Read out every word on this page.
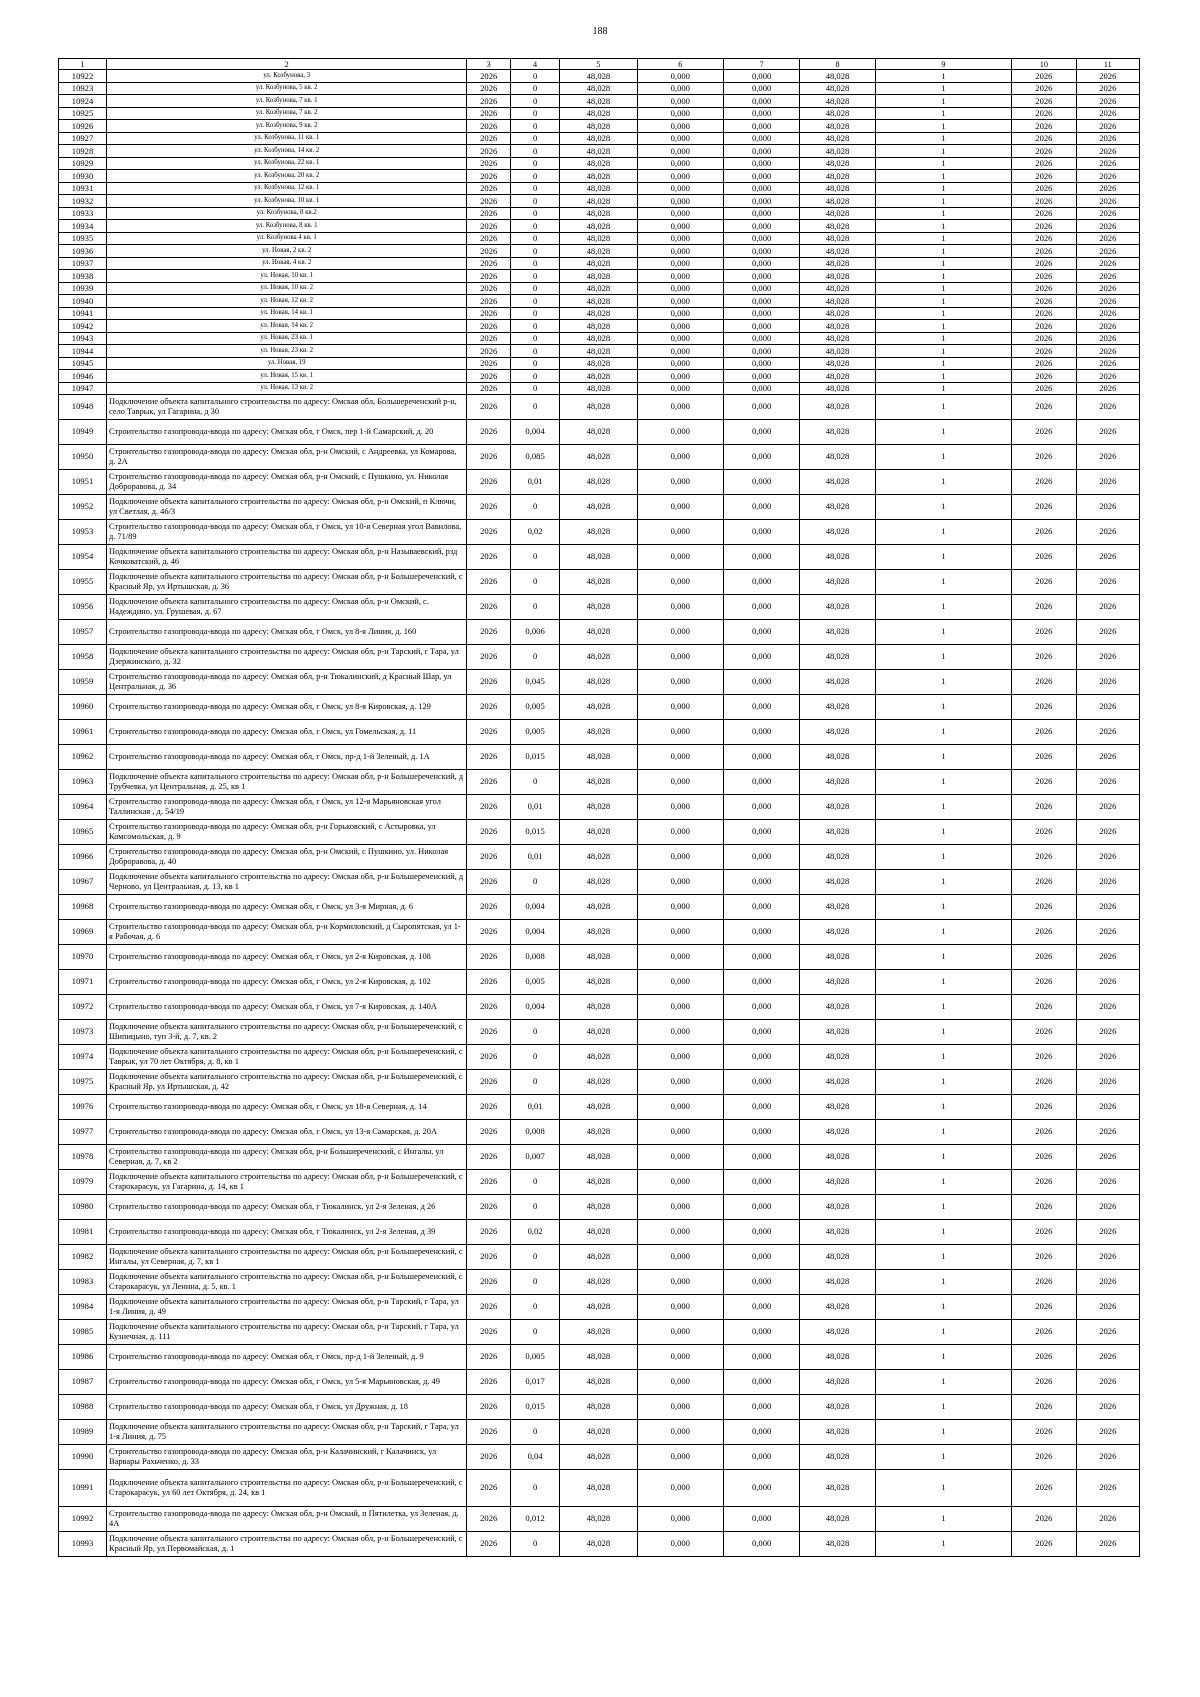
188
1	2	3	4	5	6	7	8	9	10	11
10922	ул. Козбунова, 3	2026	0	48,028	0,000	0,000	48,028	1	2026	2026
10923	ул. Козбунова, 5 кв. 2	2026	0	48,028	0,000	0,000	48,028	1	2026	2026
10924	ул. Козбунова, 7 кв. 1	2026	0	48,028	0,000	0,000	48,028	1	2026	2026
10925	ул. Козбунова, 7 кв. 2	2026	0	48,028	0,000	0,000	48,028	1	2026	2026
10926	ул. Козбунова, 9 кв. 2	2026	0	48,028	0,000	0,000	48,028	1	2026	2026
10927	ул. Козбунова, 11 кв. 1	2026	0	48,028	0,000	0,000	48,028	1	2026	2026
10928	ул. Козбунова, 14 кв. 2	2026	0	48,028	0,000	0,000	48,028	1	2026	2026
10929	ул. Козбунова, 22 кв. 1	2026	0	48,028	0,000	0,000	48,028	1	2026	2026
10930	ул. Козбунова, 20 кв. 2	2026	0	48,028	0,000	0,000	48,028	1	2026	2026
10931	ул. Козбунова, 12 кв. 1	2026	0	48,028	0,000	0,000	48,028	1	2026	2026
10932	ул. Козбунова, 10 кв. 1	2026	0	48,028	0,000	0,000	48,028	1	2026	2026
10933	ул. Козбунова, 8 кв.2	2026	0	48,028	0,000	0,000	48,028	1	2026	2026
10934	ул. Козбунова, 8 кв. 1	2026	0	48,028	0,000	0,000	48,028	1	2026	2026
10935	ул. Козбунова 4 кв. 1	2026	0	48,028	0,000	0,000	48,028	1	2026	2026
10936	ул. Новая, 2 кв. 2	2026	0	48,028	0,000	0,000	48,028	1	2026	2026
10937	ул. Новая, 4 кв. 2	2026	0	48,028	0,000	0,000	48,028	1	2026	2026
10938	ул. Новая, 10 кв. 1	2026	0	48,028	0,000	0,000	48,028	1	2026	2026
10939	ул. Новая, 10 кв. 2	2026	0	48,028	0,000	0,000	48,028	1	2026	2026
10940	ул. Новая, 12 кв. 2	2026	0	48,028	0,000	0,000	48,028	1	2026	2026
10941	ул. Новая, 14 кв. 1	2026	0	48,028	0,000	0,000	48,028	1	2026	2026
10942	ул. Новая, 14 кв. 2	2026	0	48,028	0,000	0,000	48,028	1	2026	2026
10943	ул. Новая, 23 кв. 1	2026	0	48,028	0,000	0,000	48,028	1	2026	2026
10944	ул. Новая, 23 кв. 2	2026	0	48,028	0,000	0,000	48,028	1	2026	2026
10945	ул. Новая, 19	2026	0	48,028	0,000	0,000	48,028	1	2026	2026
10946	ул. Новая, 15 кв. 1	2026	0	48,028	0,000	0,000	48,028	1	2026	2026
10947	ул. Новая, 13 кв. 2	2026	0	48,028	0,000	0,000	48,028	1	2026	2026
10948	Подключение объекта капитального строительства по адресу: Омская обл, Большереченский р-н, село Таврык, ул Гагарина, д 30	2026	0	48,028	0,000	0,000	48,028	1	2026	2026
10949	Строительство газопровода-ввода по адресу: Омская обл, г Омск, пер 1-й Самарский, д. 20	2026	0,004	48,028	0,000	0,000	48,028	1	2026	2026
10950	Строительство газопровода-ввода по адресу: Омская обл, р-н Омский, с Андреевка, ул Комарова, д. 2А	2026	0,085	48,028	0,000	0,000	48,028	1	2026	2026
10951	Строительство газопровода-ввода по адресу: Омская обл, р-н Омский, с Пушкино, ул. Николая Доброравова, д. 34	2026	0,01	48,028	0,000	0,000	48,028	1	2026	2026
10952	Подключение объекта капитального строительства по адресу: Омская обл, р-н Омский, п Ключи, ул Светлая, д. 46/3	2026	0	48,028	0,000	0,000	48,028	1	2026	2026
10953	Строительство газопровода-ввода по адресу: Омская обл, г Омск, ул 10-я Северная угол Вавилова, д. 71/89	2026	0,02	48,028	0,000	0,000	48,028	1	2026	2026
10954	Подключение объекта капитального строительства по адресу: Омская обл, р-н Называевский, рзд Кочковатский, д. 46	2026	0	48,028	0,000	0,000	48,028	1	2026	2026
10955	Подключение объекта капитального строительства по адресу: Омская обл, р-н Большереченский, с Красный Яр, ул Иртышская, д. 36	2026	0	48,028	0,000	0,000	48,028	1	2026	2026
10956	Подключение объекта капитального строительства по адресу: Омская обл, р-н Омский, с. Надеждино, ул. Грушевая, д. 67	2026	0	48,028	0,000	0,000	48,028	1	2026	2026
10957	Строительство газопровода-ввода по адресу: Омская обл, г Омск, ул 8-я Линия, д. 160	2026	0,006	48,028	0,000	0,000	48,028	1	2026	2026
10958	Подключение объекта капитального строительства по адресу: Омская обл, р-н Тарский, г Тара, ул Дзержинского, д. 32	2026	0	48,028	0,000	0,000	48,028	1	2026	2026
10959	Строительство газопровода-ввода по адресу: Омская обл, р-н Тюкалинский, д Красный Шар, ул Центральная, д. 36	2026	0,045	48,028	0,000	0,000	48,028	1	2026	2026
10960	Строительство газопровода-ввода по адресу: Омская обл, г Омск, ул 8-я Кировская, д. 129	2026	0,005	48,028	0,000	0,000	48,028	1	2026	2026
10961	Строительство газопровода-ввода по адресу: Омская обл, г Омск, ул Гомельская, д. 11	2026	0,005	48,028	0,000	0,000	48,028	1	2026	2026
10962	Строительство газопровода-ввода по адресу: Омская обл, г Омск, пр-д 1-й Зеленый, д. 1А	2026	0,015	48,028	0,000	0,000	48,028	1	2026	2026
10963	Подключение объекта капитального строительства по адресу: Омская обл, р-н Большереченский, д Трубчевка, ул Центральная, д. 25, кв 1	2026	0	48,028	0,000	0,000	48,028	1	2026	2026
10964	Строительство газопровода-ввода по адресу: Омская обл, г Омск, ул 12-я Марьяновская угол Таллинская , д. 54/19	2026	0,01	48,028	0,000	0,000	48,028	1	2026	2026
10965	Строительство газопровода-ввода по адресу: Омская обл, р-н Горьковский, с Астыровка, ул Комсомольская, д. 9	2026	0,015	48,028	0,000	0,000	48,028	1	2026	2026
10966	Строительство газопровода-ввода по адресу: Омская обл, р-н Омский, с Пушкино, ул. Николая Доброравова, д. 40	2026	0,01	48,028	0,000	0,000	48,028	1	2026	2026
10967	Подключение объекта капитального строительства по адресу: Омская обл, р-н Большереченский, д Черново, ул Центральная, д. 13, кв 1	2026	0	48,028	0,000	0,000	48,028	1	2026	2026
10968	Строительство газопровода-ввода по адресу: Омская обл, г Омск, ул 3-я Мирная, д. 6	2026	0,004	48,028	0,000	0,000	48,028	1	2026	2026
10969	Строительство газопровода-ввода по адресу: Омская обл, р-н Кормиловский, д Сыропятская, ул 1-я Рабочая, д. 6	2026	0,004	48,028	0,000	0,000	48,028	1	2026	2026
10970	Строительство газопровода-ввода по адресу: Омская обл, г Омск, ул 2-я Кировская, д. 108	2026	0,008	48,028	0,000	0,000	48,028	1	2026	2026
10971	Строительство газопровода-ввода по адресу: Омская обл, г Омск, ул 2-я Кировская, д. 102	2026	0,005	48,028	0,000	0,000	48,028	1	2026	2026
10972	Строительство газопровода-ввода по адресу: Омская обл, г Омск, ул 7-я Кировская, д. 140А	2026	0,004	48,028	0,000	0,000	48,028	1	2026	2026
10973	Подключение объекта капитального строительства по адресу: Омская обл, р-н Большереченский, с Шипицыно, туп 3-й, д. 7, кв. 2	2026	0	48,028	0,000	0,000	48,028	1	2026	2026
10974	Подключение объекта капитального строительства по адресу: Омская обл, р-н Большереченский, с Таврык, ул 70 лет Октября, д. 8, кв 1	2026	0	48,028	0,000	0,000	48,028	1	2026	2026
10975	Подключение объекта капитального строительства по адресу: Омская обл, р-н Большереченский, с Красный Яр, ул Иртышская, д. 42	2026	0	48,028	0,000	0,000	48,028	1	2026	2026
10976	Строительство газопровода-ввода по адресу: Омская обл, г Омск, ул 18-я Северная, д. 14	2026	0,01	48,028	0,000	0,000	48,028	1	2026	2026
10977	Строительство газопровода-ввода по адресу: Омская обл, г Омск, ул 13-я Самарская, д. 20А	2026	0,008	48,028	0,000	0,000	48,028	1	2026	2026
10978	Строительство газопровода-ввода по адресу: Омская обл, р-н Большереченский, с Ингалы, ул Северная, д. 7, кв 2	2026	0,007	48,028	0,000	0,000	48,028	1	2026	2026
10979	Подключение объекта капитального строительства по адресу: Омская обл, р-н Большереченский, с Старокарасук, ул Гагарина, д. 14, кв 1	2026	0	48,028	0,000	0,000	48,028	1	2026	2026
10980	Строительство газопровода-ввода по адресу: Омская обл, г Тюкалинск, ул 2-я Зеленая, д 26	2026	0	48,028	0,000	0,000	48,028	1	2026	2026
10981	Строительство газопровода-ввода по адресу: Омская обл, г Тюкалинск, ул 2-я Зеленая, д 39	2026	0,02	48,028	0,000	0,000	48,028	1	2026	2026
10982	Подключение объекта капитального строительства по адресу: Омская обл, р-н Большереченский, с Ингалы, ул Северная, д. 7, кв 1	2026	0	48,028	0,000	0,000	48,028	1	2026	2026
10983	Подключение объекта капитального строительства по адресу: Омская обл, р-н Большереченский, с Старокарасук, ул Ленина, д. 5, кв. 1	2026	0	48,028	0,000	0,000	48,028	1	2026	2026
10984	Подключение объекта капитального строительства по адресу: Омская обл, р-н Тарский, г Тара, ул 1-я Линия, д. 49	2026	0	48,028	0,000	0,000	48,028	1	2026	2026
10985	Подключение объекта капитального строительства по адресу: Омская обл, р-н Тарский, г Тара, ул Кузнечная, д. 111	2026	0	48,028	0,000	0,000	48,028	1	2026	2026
10986	Строительство газопровода-ввода по адресу: Омская обл, г Омск, пр-д 1-й Зеленый, д. 9	2026	0,005	48,028	0,000	0,000	48,028	1	2026	2026
10987	Строительство газопровода-ввода по адресу: Омская обл, г Омск, ул 5-я Марьяновская, д. 49	2026	0,017	48,028	0,000	0,000	48,028	1	2026	2026
10988	Строительство газопровода-ввода по адресу: Омская обл, г Омск, ул Дружная, д. 18	2026	0,015	48,028	0,000	0,000	48,028	1	2026	2026
10989	Подключение объекта капитального строительства по адресу: Омская обл, р-н Тарский, г Тара, ул 1-я Линия, д. 75	2026	0	48,028	0,000	0,000	48,028	1	2026	2026
10990	Строительство газопровода-ввода по адресу: Омская обл, р-н Калачинский, г Калачинск, ул Варвары Рахьченко, д. 33	2026	0,04	48,028	0,000	0,000	48,028	1	2026	2026
10991	Подключение объекта капитального строительства по адресу: Омская обл, р-н Большереченский, с Старокарасук, ул 60 лет Октября, д. 24, кв 1	2026	0	48,028	0,000	0,000	48,028	1	2026	2026
10992	Строительство газопровода-ввода по адресу: Омская обл, р-н Омский, п Пятилетка, ул Зеленая, д. 4А	2026	0,012	48,028	0,000	0,000	48,028	1	2026	2026
10993	Подключение объекта капитального строительства по адресу: Омская обл, р-н Большереченский, с Красный Яр, ул Первомайская, д. 1	2026	0	48,028	0,000	0,000	48,028	1	2026	2026
